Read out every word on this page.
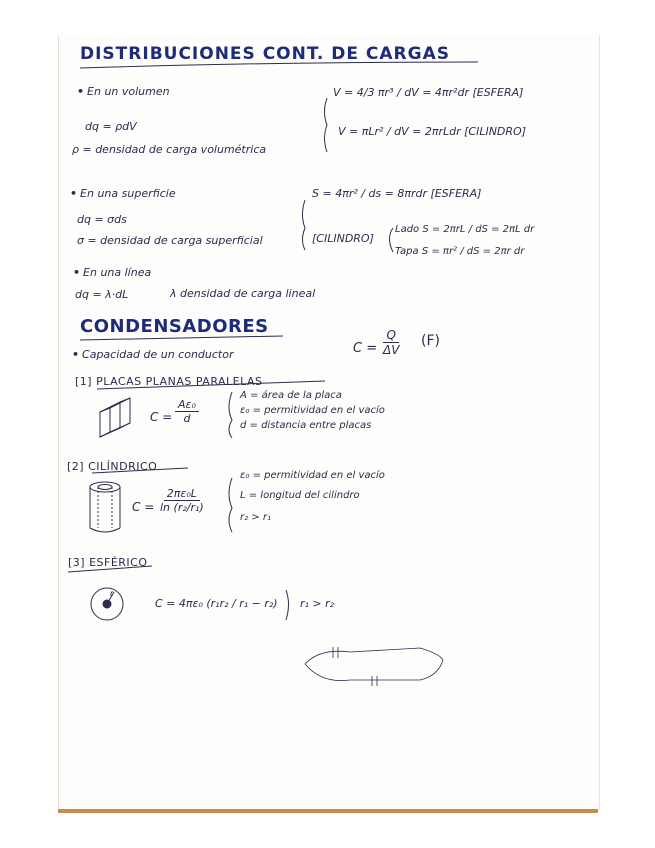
DISTRIBUCIONES CONT. DE CARGAS
• En un volumen
dq = ρdV
ρ = densidad de carga volumétrica
V = 4/3 πr³ / dV = 4πr²dr [ESFERA]
V = πLr² / dV = 2πrLdr [CILINDRO]
• En una superficie
dq = σds
σ = densidad de carga superficial
S = 4πr² / ds = 8πrdr [ESFERA]
[CILINDRO]
Lado S = 2πrL / dS = 2πL dr
Tapa S = πr² / dS = 2πr dr
• En una línea
dq = λ·dL	λ densidad de carga lineal
CONDENSADORES
• Capacidad de un conductor	$C = \frac{Q}{\Delta V} (F)$
[1] PLACAS PLANAS PARALELAS
$C = \frac{\text{Aε₀}}{d}$
A = área de la placa
ε₀ = permitividad en el vacío
d = distancia entre placas
[2] CILÍNDRICO
$C = \frac{\text{2πε₀L}}{\text{ln (r₂/r₁)}}$
ε₀ = permitividad en el vacío
L = longitud del cilindro
r₂ > r₁
[3] ESFÉRICO
C = 4πε₀ (r₁r₂ / r₁ − r₂) r₁ > r₂
r
